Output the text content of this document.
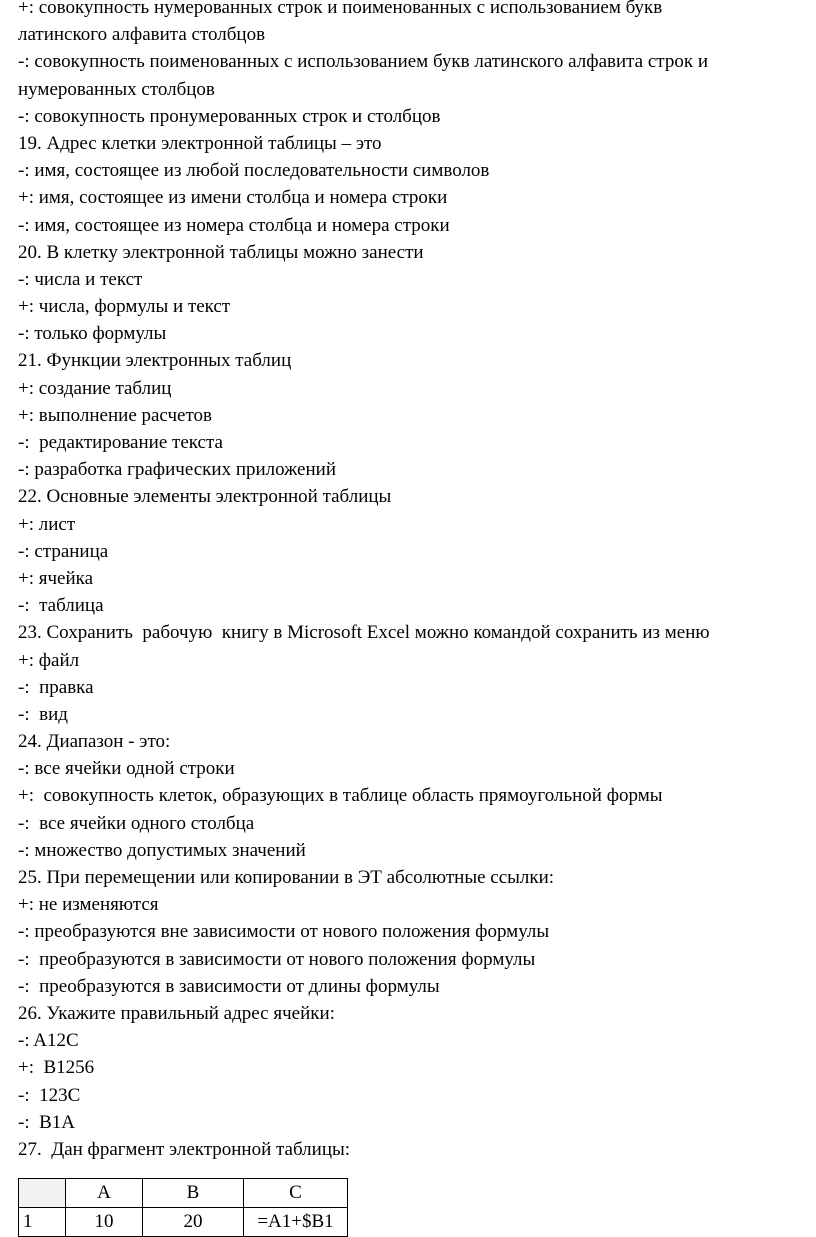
+: совокупность нумерованных строк и поименованных с использованием букв
латинского алфавита столбцов
-: совокупность поименованных с использованием букв латинского алфавита строк и
нумерованных столбцов
-: совокупность пронумерованных строк и столбцов
19. Адрес клетки электронной таблицы – это
-: имя, состоящее из любой последовательности символов
+: имя, состоящее из имени столбца и номера строки
-: имя, состоящее из номера столбца и номера строки
20. В клетку электронной таблицы можно занести
-: числа и текст
+: числа, формулы и текст
-: только формулы
21. Функции электронных таблиц
+: создание таблиц
+: выполнение расчетов
-:  редактирование текста
-: разработка графических приложений
22. Основные элементы электронной таблицы
+: лист
-: страница
+: ячейка
-:  таблица
23. Сохранить  рабочую  книгу в Microsoft Excel можно командой сохранить из меню
+: файл
-:  правка
-:  вид
24. Диапазон - это:
-: все ячейки одной строки
+:  совокупность клеток, образующих в таблице область прямоугольной формы
-:  все ячейки одного столбца
-: множество допустимых значений
25. При перемещении или копировании в ЭТ абсолютные ссылки:
+: не изменяются
-: преобразуются вне зависимости от нового положения формулы
-:  преобразуются в зависимости от нового положения формулы
-:  преобразуются в зависимости от длины формулы
26. Укажите правильный адрес ячейки:
-: A12C
+:  B1256
-:  123C
-:  B1A
27.  Дан фрагмент электронной таблицы:
	A	B	C
1	10	20	=A1+$B1
